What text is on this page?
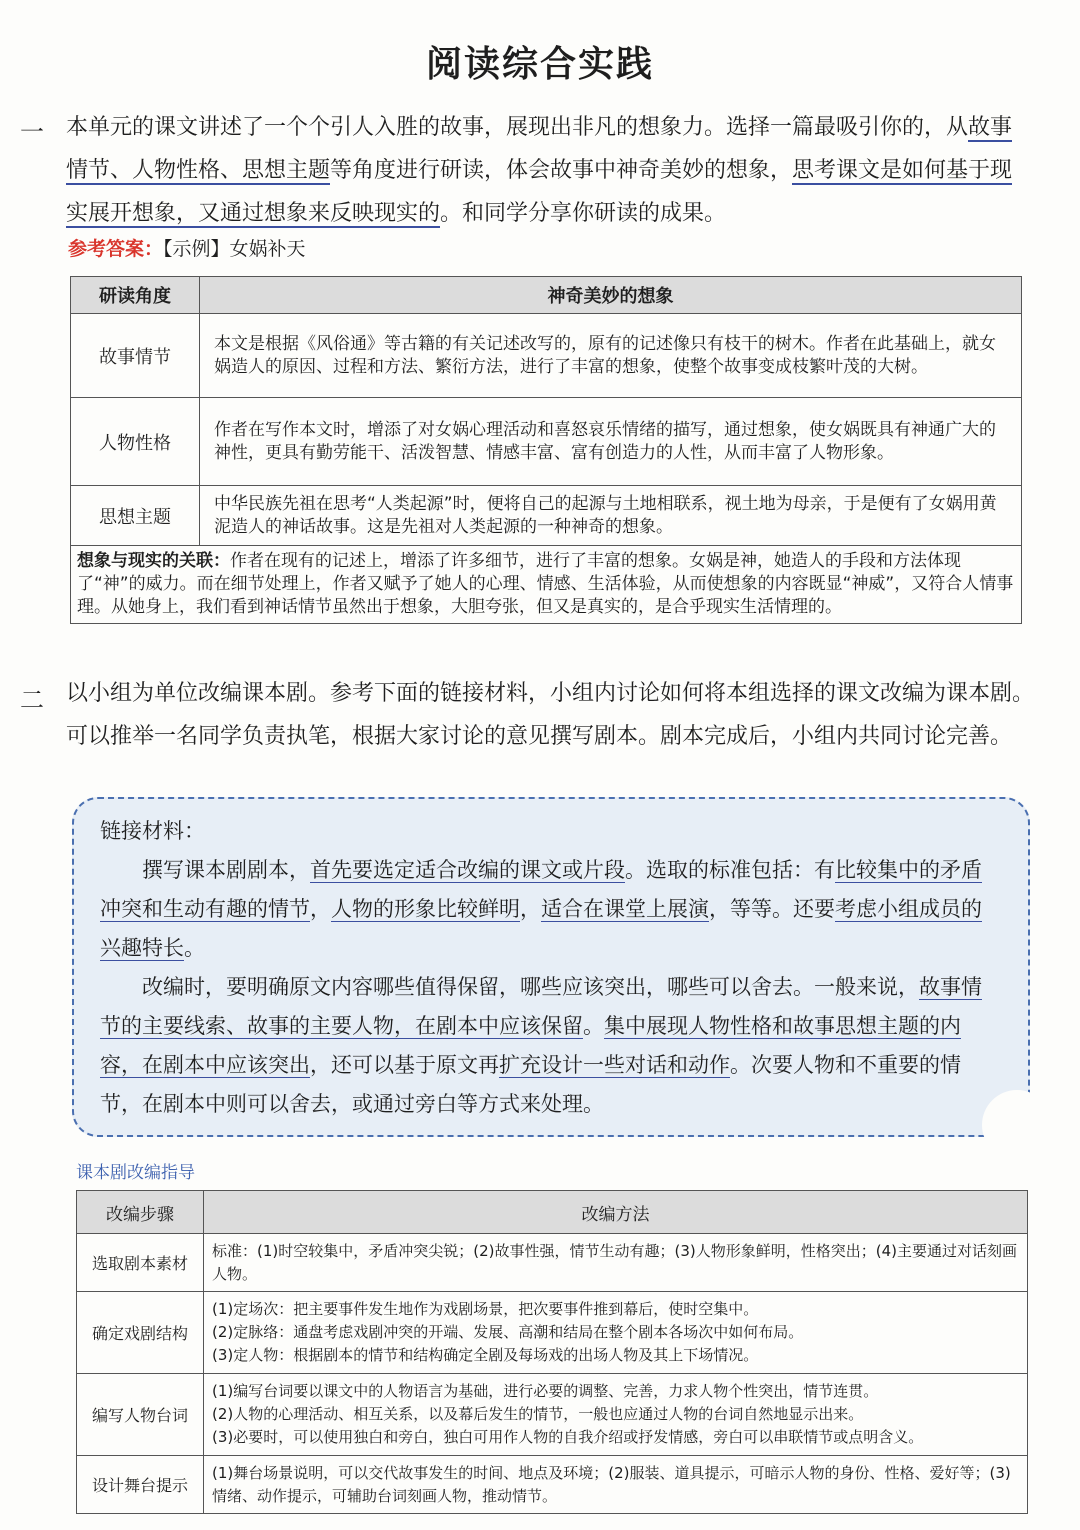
阅读综合实践
一 本单元的课文讲述了一个个引人入胜的故事，展现出非凡的想象力。选择一篇最吸引你的，从故事情节、人物性格、思想主题等角度进行研读，体会故事中神奇美妙的想象，思考课文是如何基于现实展开想象，又通过想象来反映现实的。和同学分享你研读的成果。
参考答案：【示例】女娲补天
研读角度	神奇美妙的想象
故事情节	本文是根据《风俗通》等古籍的有关记述改写的，原有的记述像只有枝干的树木。作者在此基础上，就女娲造人的原因、过程和方法、繁衍方法，进行了丰富的想象，使整个故事变成枝繁叶茂的大树。
人物性格	作者在写作本文时，增添了对女娲心理活动和喜怒哀乐情绪的描写，通过想象，使女娲既具有神通广大的神性，更具有勤劳能干、活泼智慧、情感丰富、富有创造力的人性，从而丰富了人物形象。
思想主题	中华民族先祖在思考“人类起源”时，便将自己的起源与土地相联系，视土地为母亲，于是便有了女娲用黄泥造人的神话故事。这是先祖对人类起源的一种神奇的想象。
想象与现实的关联：作者在现有的记述上，增添了许多细节，进行了丰富的想象。女娲是神，她造人的手段和方法体现了“神”的威力。而在细节处理上，作者又赋予了她人的心理、情感、生活体验，从而使想象的内容既显“神威”，又符合人情事理。从她身上，我们看到神话情节虽然出于想象，大胆夸张，但又是真实的，是合乎现实生活情理的。	
二 以小组为单位改编课本剧。参考下面的链接材料，小组内讨论如何将本组选择的课文改编为课本剧。可以推举一名同学负责执笔，根据大家讨论的意见撰写剧本。剧本完成后，小组内共同讨论完善。
链接材料：
撰写课本剧剧本，首先要选定适合改编的课文或片段。选取的标准包括：有比较集中的矛盾冲突和生动有趣的情节，人物的形象比较鲜明，适合在课堂上展演，等等。还要考虑小组成员的兴趣特长。
改编时，要明确原文内容哪些值得保留，哪些应该突出，哪些可以舍去。一般来说，故事情节的主要线索、故事的主要人物，在剧本中应该保留。集中展现人物性格和故事思想主题的内容，在剧本中应该突出，还可以基于原文再扩充设计一些对话和动作。次要人物和不重要的情节，在剧本中则可以舍去，或通过旁白等方式来处理。
课本剧改编指导
改编步骤	改编方法
选取剧本素材	标准：(1)时空较集中，矛盾冲突尖锐；(2)故事性强，情节生动有趣；(3)人物形象鲜明，性格突出；(4)主要通过对话刻画人物。

确定戏剧结构	(1)定场次：把主要事件发生地作为戏剧场景，把次要事件推到幕后，使时空集中。
(2)定脉络：通盘考虑戏剧冲突的开端、发展、高潮和结局在整个剧本各场次中如何布局。
(3)定人物：根据剧本的情节和结构确定全剧及每场戏的出场人物及其上下场情况。

编写人物台词	(1)编写台词要以课文中的人物语言为基础，进行必要的调整、完善，力求人物个性突出，情节连贯。
(2)人物的心理活动、相互关系，以及幕后发生的情节，一般也应通过人物的台词自然地显示出来。
(3)必要时，可以使用独白和旁白，独白可用作人物的自我介绍或抒发情感，旁白可以串联情节或点明含义。

设计舞台提示	(1)舞台场景说明，可以交代故事发生的时间、地点及环境；(2)服装、道具提示，可暗示人物的身份、性格、爱好等；(3)情绪、动作提示，可辅助台词刻画人物，推动情节。
